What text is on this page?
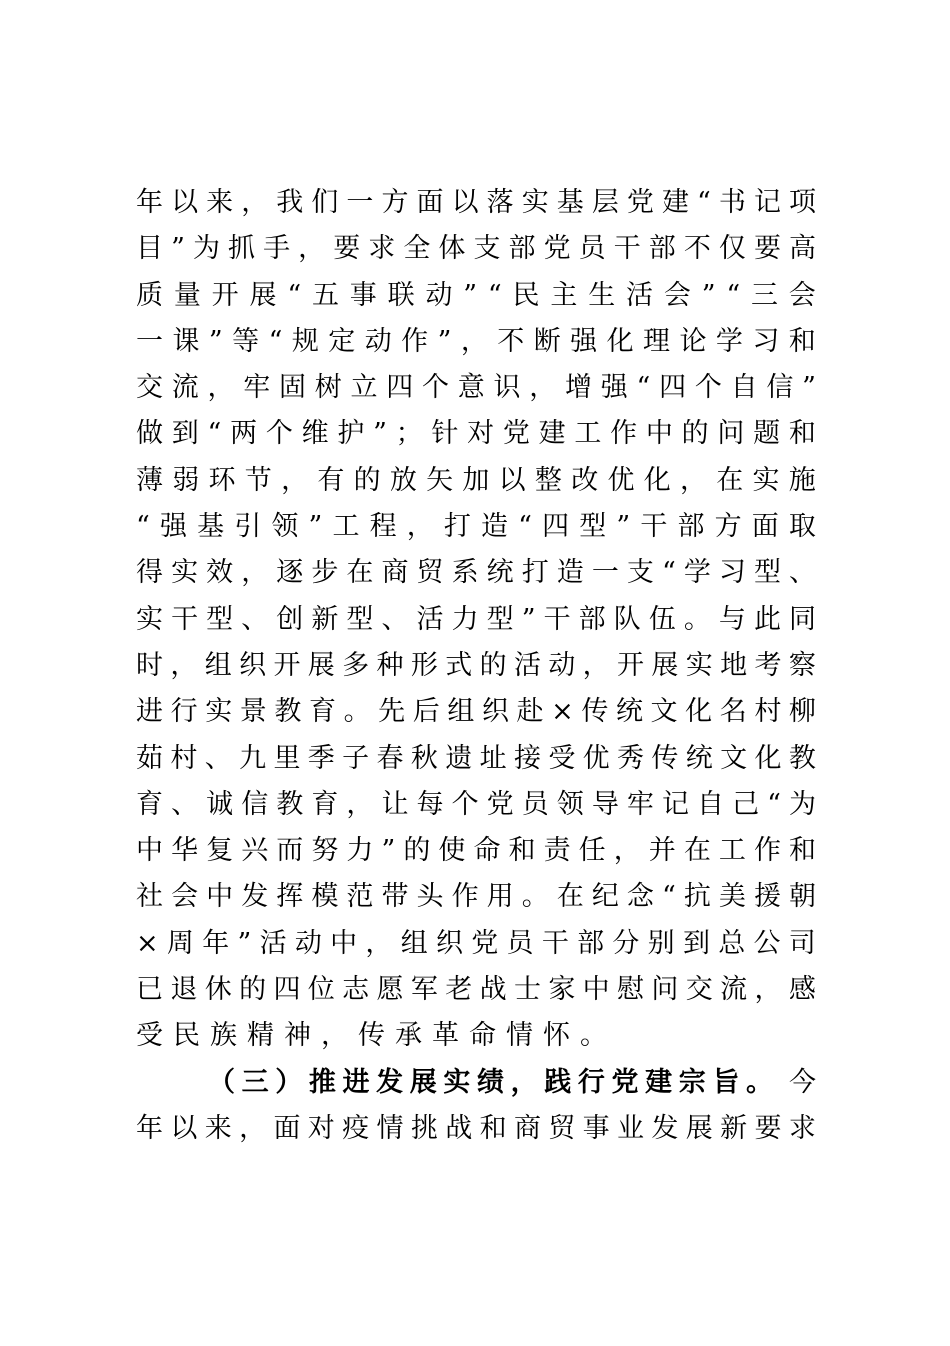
年 以 来 ， 我 们 一 方 面 以 落 实 基 层 党 建 “ 书 记 项
目 ” 为 抓 手 ， 要 求 全 体 支 部 党 员 干 部 不 仅 要 高
质 量 开 展 “ 五 事 联 动 ” “ 民 主 生 活 会 ” “ 三 会
一 课 ” 等 “ 规 定 动 作 ” ， 不 断 强 化 理 论 学 习 和
交 流 ， 牢 固 树 立 四 个 意 识 ， 增 强 “ 四 个 自 信 ”
做 到 “ 两 个 维 护 ” ； 针 对 党 建 工 作 中 的 问 题 和
薄 弱 环 节 ， 有 的 放 矢 加 以 整 改 优 化 ， 在 实 施
“ 强 基 引 领 ” 工 程 ， 打 造 “ 四 型 ” 干 部 方 面 取
得 实 效 ， 逐 步 在 商 贸 系 统 打 造 一 支 “ 学 习 型 、
实 干 型 、 创 新 型 、 活 力 型 ” 干 部 队 伍 。 与 此 同
时 ， 组 织 开 展 多 种 形 式 的 活 动 ， 开 展 实 地 考 察
进 行 实 景 教 育 。 先 后 组 织 赴 × 传 统 文 化 名 村 柳
茹 村 、 九 里 季 子 春 秋 遗 址 接 受 优 秀 传 统 文 化 教
育 、 诚 信 教 育 ， 让 每 个 党 员 领 导 牢 记 自 己 “ 为
中 华 复 兴 而 努 力 ” 的 使 命 和 责 任 ， 并 在 工 作 和
社 会 中 发 挥 模 范 带 头 作 用 。 在 纪 念 “ 抗 美 援 朝
× 周 年 ” 活 动 中 ， 组 织 党 员 干 部 分 别 到 总 公 司
已 退 休 的 四 位 志 愿 军 老 战 士 家 中 慰 问 交 流 ， 感
受民族精神，传承革命情怀。
（ 三 ） 推 进 发 展 实 绩 ， 践 行 党 建 宗 旨 。 今
年 以 来 ， 面 对 疫 情 挑 战 和 商 贸 事 业 发 展 新 要 求
